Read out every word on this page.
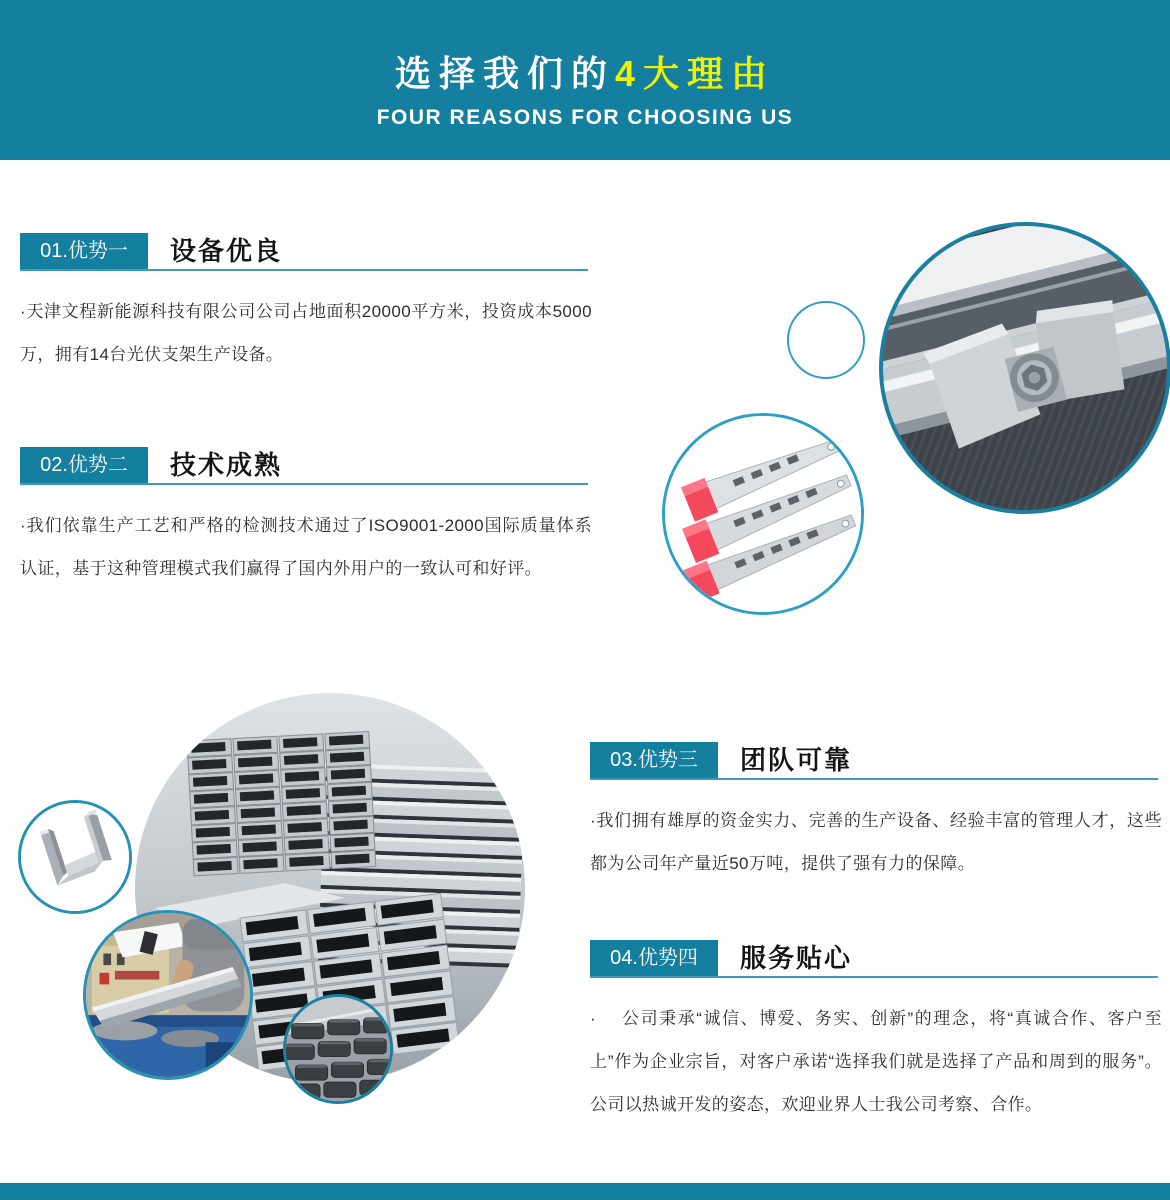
选择我们的4大理由
FOUR REASONS FOR CHOOSING US
01.优势一	设备优良
·天津文程新能源科技有限公司公司占地面积20000平方米，投资成本5000万，拥有14台光伏支架生产设备。
02.优势二	技术成熟
·我们依靠生产工艺和严格的检测技术通过了ISO9001-2000国际质量体系认证，基于这种管理模式我们赢得了国内外用户的一致认可和好评。
03.优势三	团队可靠
·我们拥有雄厚的资金实力、完善的生产设备、经验丰富的管理人才，这些都为公司年产量近50万吨，提供了强有力的保障。
04.优势四	服务贴心
·　 公司秉承“诚信、博爱、务实、创新”的理念，将“真诚合作、客户至上”作为企业宗旨，对客户承诺“选择我们就是选择了产品和周到的服务”。公司以热诚开发的姿态，欢迎业界人士我公司考察、合作。
